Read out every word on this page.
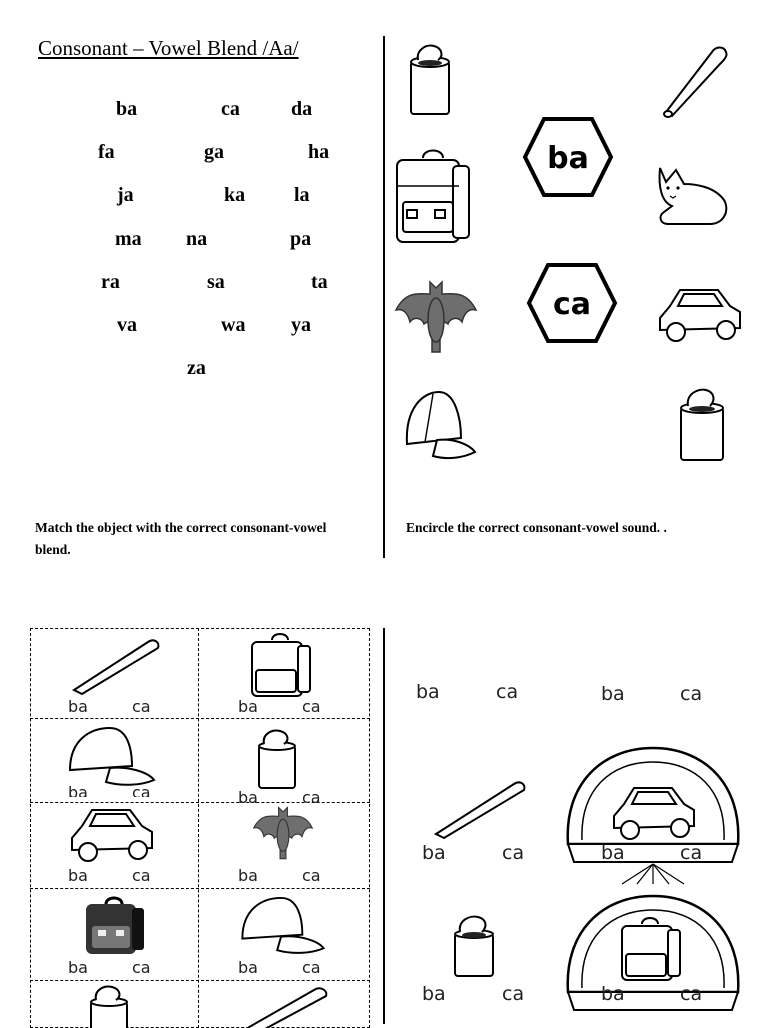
Consonant – Vowel Blend /Aa/
ba	ca	da
fa	ga	ha
ja	ka la
ma na	pa
ra	sa	ta
va	wa ya
za
Match the object with the correct consonant-vowel blend.
Encircle the correct consonant-vowel sound. .
ba
ca
ba	ca	ba	ca
ba	ca	ba	ca
ba	ca	ba	ca
ba	ca	ba	ca
ba	ca	ba	ca
ba	ca	ba	ca
ba	ca	ba	ca
